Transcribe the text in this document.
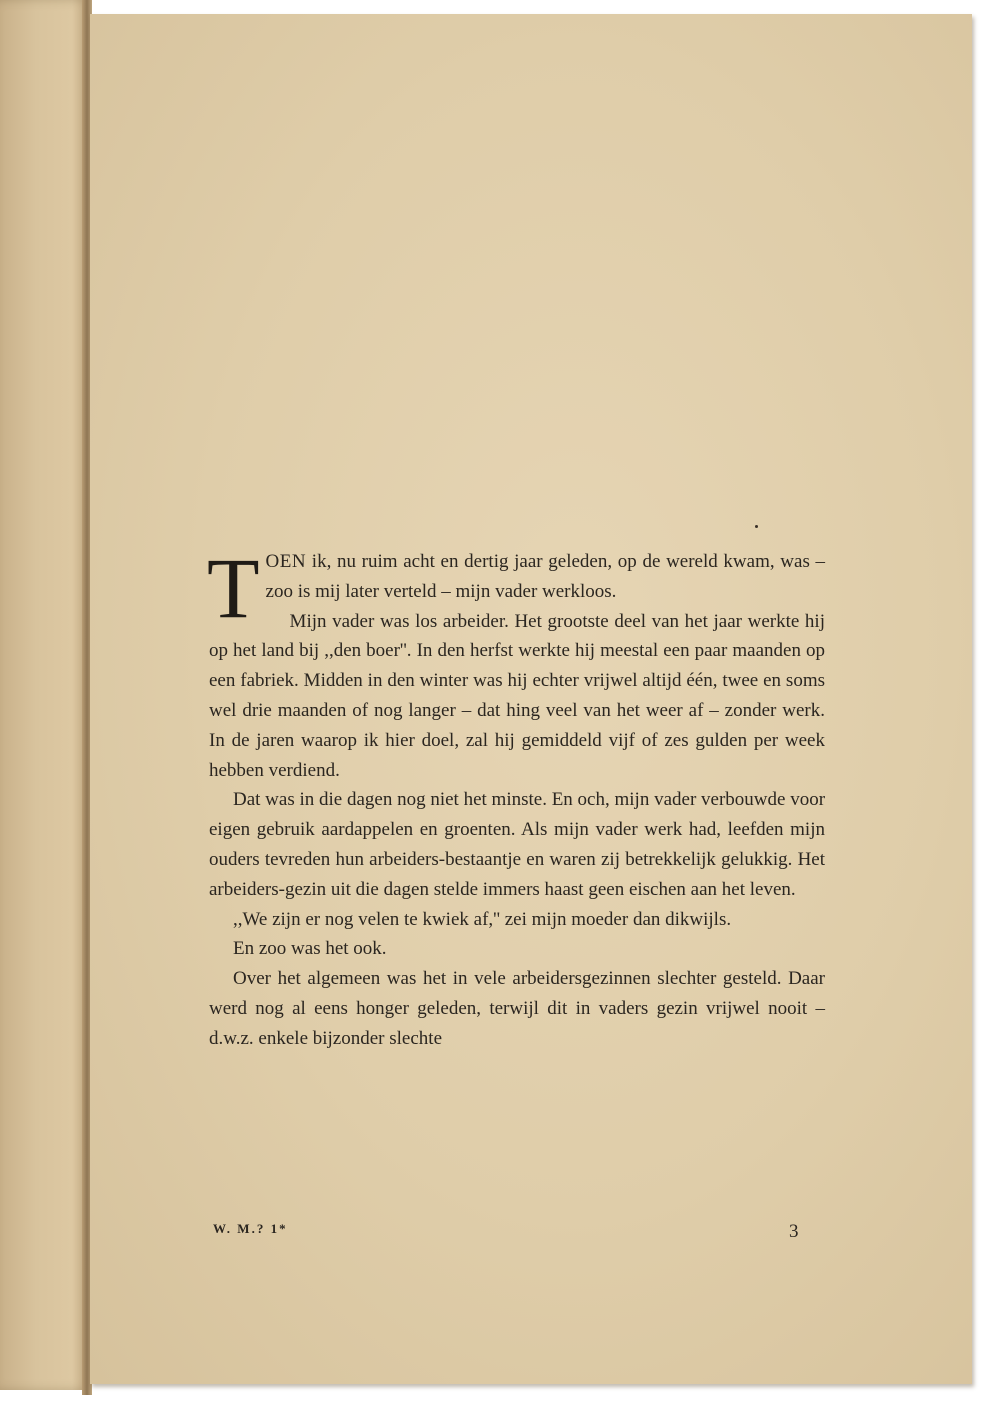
TOEN ik, nu ruim acht en dertig jaar geleden, op de wereld kwam, was – zoo is mij later verteld – mijn vader werkloos.

Mijn vader was los arbeider. Het grootste deel van het jaar werkte hij op het land bij ,,den boer''. In den herfst werkte hij meestal een paar maanden op een fabriek. Midden in den winter was hij echter vrijwel altijd één, twee en soms wel drie maanden of nog langer – dat hing veel van het weer af – zonder werk. In de jaren waarop ik hier doel, zal hij gemiddeld vijf of zes gulden per week hebben verdiend.

Dat was in die dagen nog niet het minste. En och, mijn vader verbouwde voor eigen gebruik aardappelen en groenten. Als mijn vader werk had, leefden mijn ouders tevreden hun arbeiders-bestaantje en waren zij betrekkelijk gelukkig. Het arbeiders-gezin uit die dagen stelde immers haast geen eischen aan het leven.

,,We zijn er nog velen te kwiek af,'' zei mijn moeder dan dikwijls.

En zoo was het ook.

Over het algemeen was het in vele arbeidersgezinnen slechter gesteld. Daar werd nog al eens honger geleden, terwijl dit in vaders gezin vrijwel nooit – d.w.z. enkele bijzonder slechte

W. M.? 1*	3
